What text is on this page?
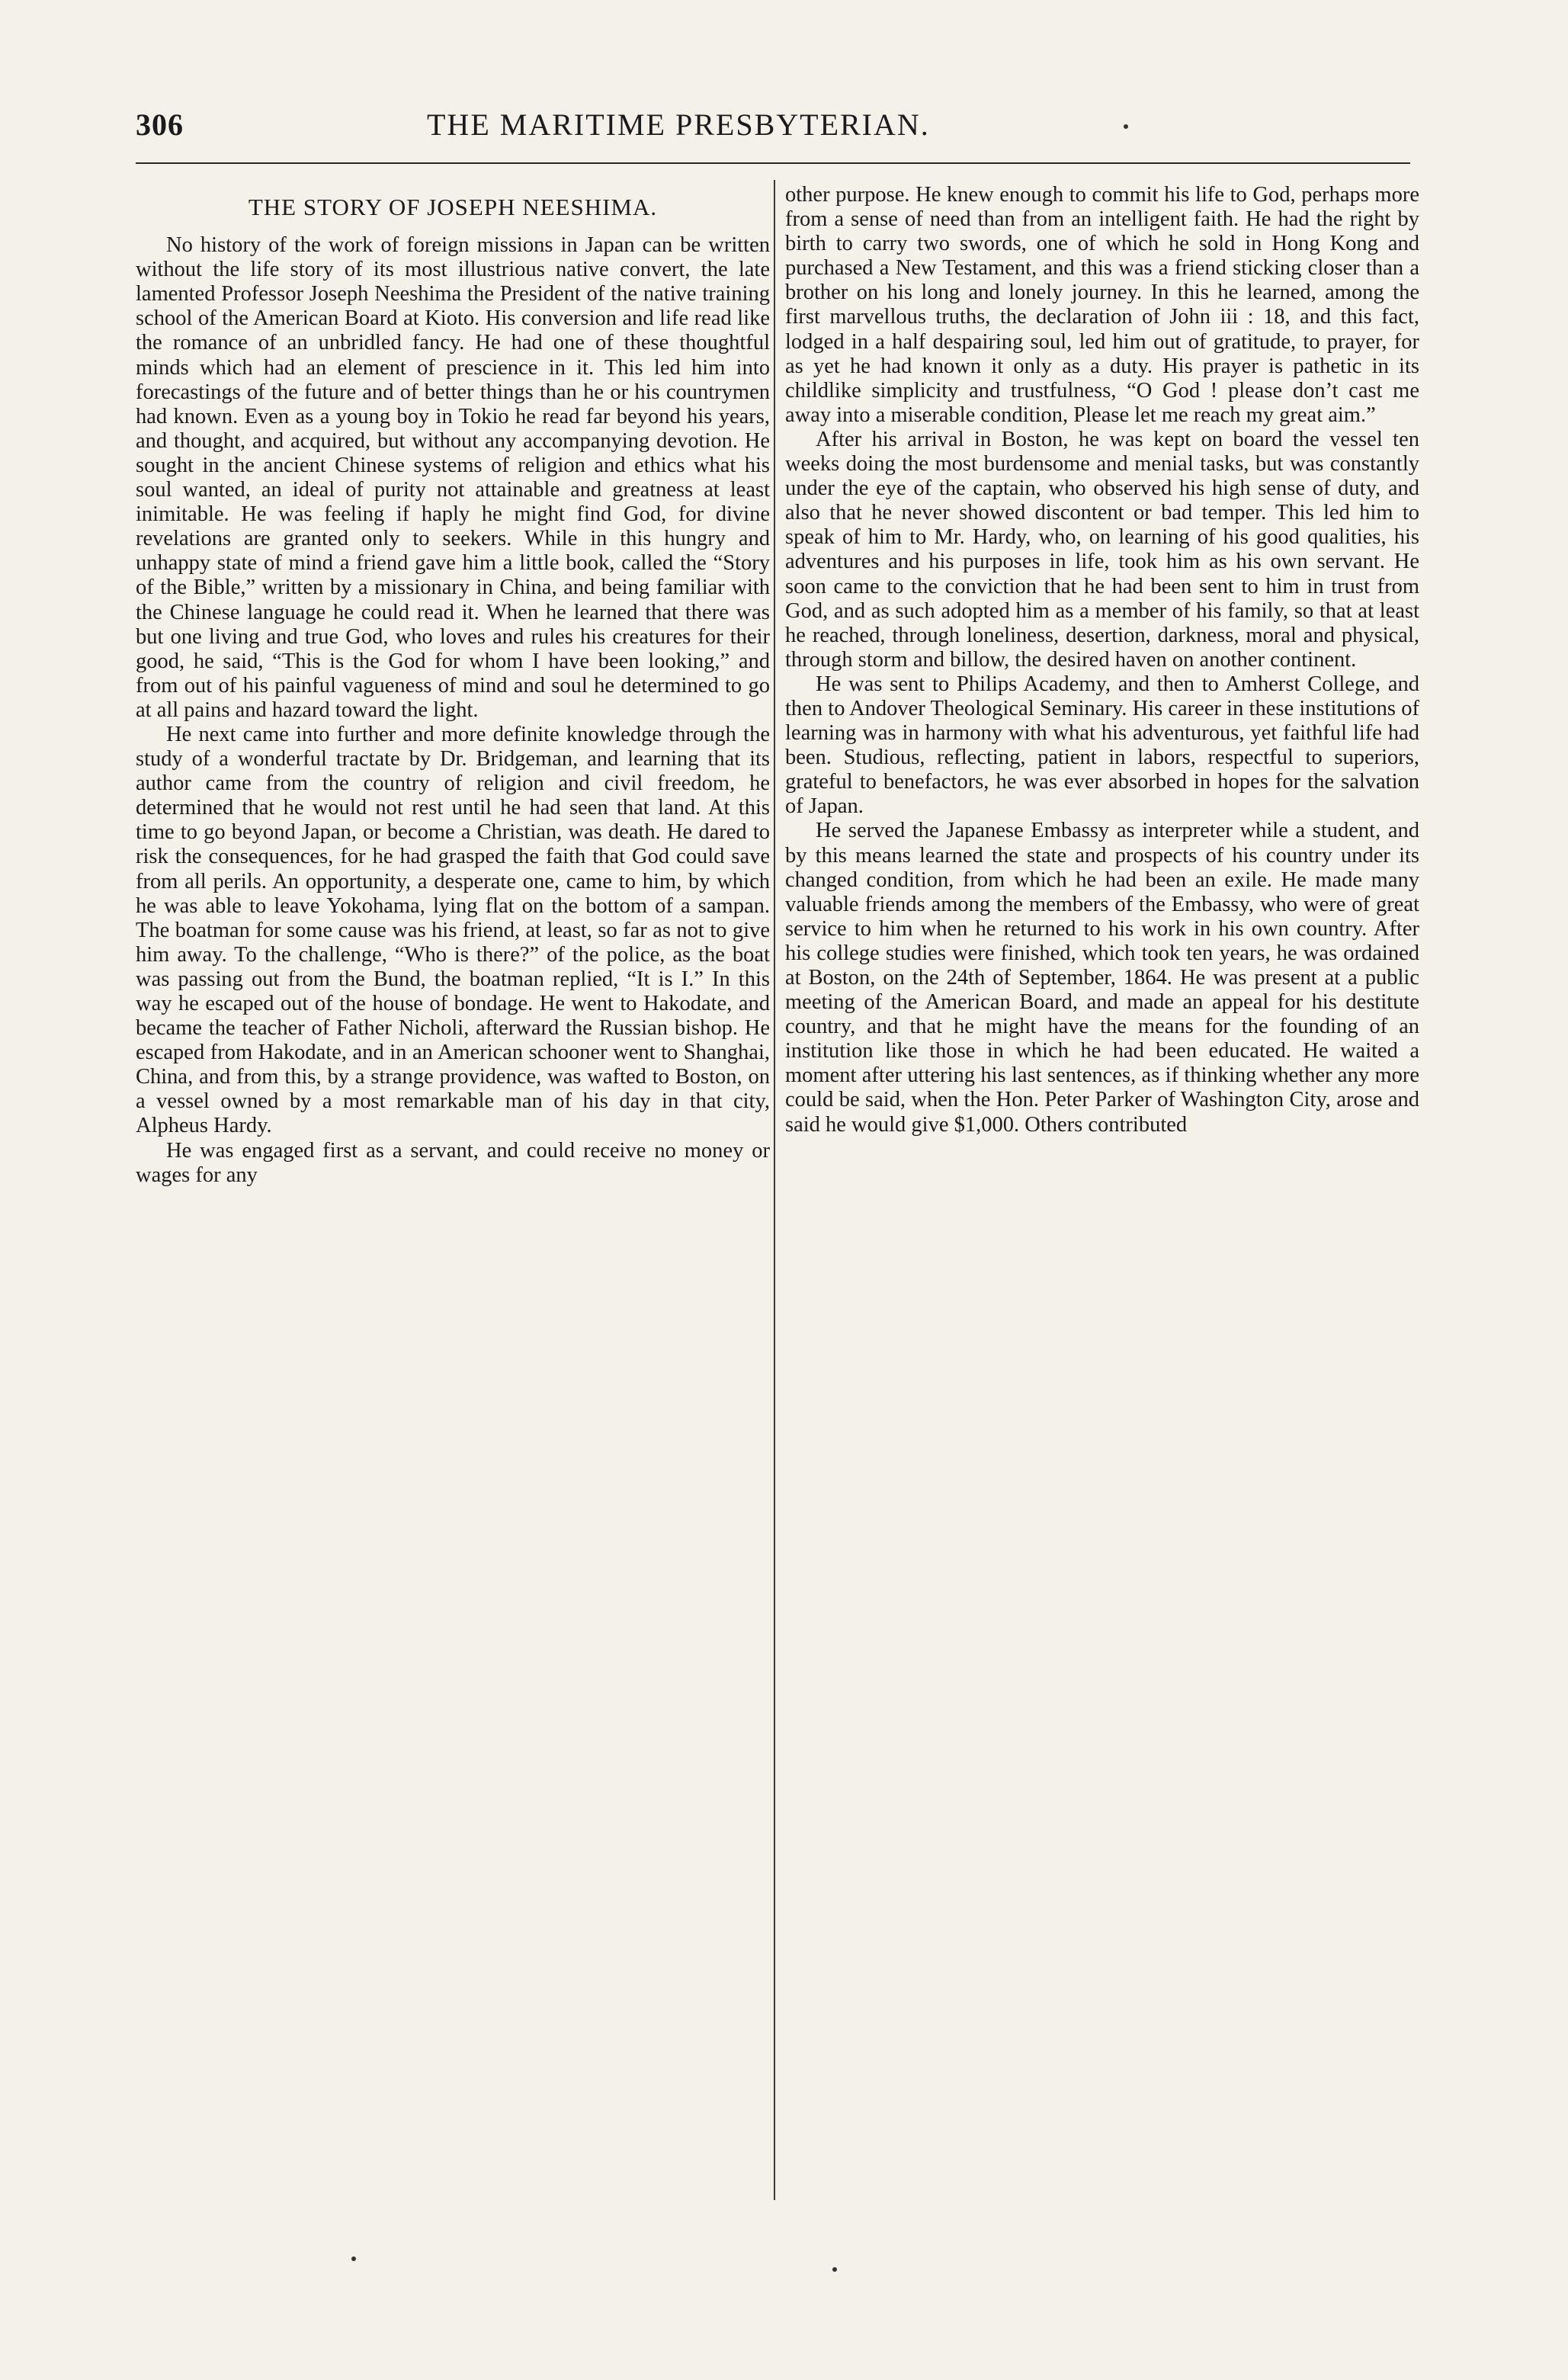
306	THE MARITIME PRESBYTERIAN.
THE STORY OF JOSEPH NEESHIMA.

No history of the work of foreign missions in Japan can be written without the life story of its most illustrious native convert, the late lamented Professor Joseph Neeshima the President of the native training school of the American Board at Kioto. His conversion and life read like the romance of an unbridled fancy. He had one of these thoughtful minds which had an element of prescience in it. This led him into forecastings of the future and of better things than he or his countrymen had known. Even as a young boy in Tokio he read far beyond his years, and thought, and acquired, but without any accompanying devotion. He sought in the ancient Chinese systems of religion and ethics what his soul wanted, an ideal of purity not attainable and greatness at least inimitable. He was feeling if haply he might find God, for divine revelations are granted only to seekers. While in this hungry and unhappy state of mind a friend gave him a little book, called the “Story of the Bible,” written by a missionary in China, and being familiar with the Chinese language he could read it. When he learned that there was but one living and true God, who loves and rules his creatures for their good, he said, “This is the God for whom I have been looking,” and from out of his painful vagueness of mind and soul he determined to go at all pains and hazard toward the light.

He next came into further and more definite knowledge through the study of a wonderful tractate by Dr. Bridgeman, and learning that its author came from the country of religion and civil freedom, he determined that he would not rest until he had seen that land. At this time to go beyond Japan, or become a Christian, was death. He dared to risk the consequences, for he had grasped the faith that God could save from all perils. An opportunity, a desperate one, came to him, by which he was able to leave Yokohama, lying flat on the bottom of a sampan. The boatman for some cause was his friend, at least, so far as not to give him away. To the challenge, “Who is there?” of the police, as the boat was passing out from the Bund, the boatman replied, “It is I.” In this way he escaped out of the house of bondage. He went to Hakodate, and became the teacher of Father Nicholi, afterward the Russian bishop. He escaped from Hakodate, and in an American schooner went to Shanghai, China, and from this, by a strange providence, was wafted to Boston, on a vessel owned by a most remarkable man of his day in that city, Alpheus Hardy.

He was engaged first as a servant, and could receive no money or wages for any

other purpose. He knew enough to commit his life to God, perhaps more from a sense of need than from an intelligent faith. He had the right by birth to carry two swords, one of which he sold in Hong Kong and purchased a New Testament, and this was a friend sticking closer than a brother on his long and lonely journey. In this he learned, among the first marvellous truths, the declaration of John iii : 18, and this fact, lodged in a half despairing soul, led him out of gratitude, to prayer, for as yet he had known it only as a duty. His prayer is pathetic in its childlike simplicity and trustfulness, “O God ! please don’t cast me away into a miserable condition, Please let me reach my great aim.”

After his arrival in Boston, he was kept on board the vessel ten weeks doing the most burdensome and menial tasks, but was constantly under the eye of the captain, who observed his high sense of duty, and also that he never showed discontent or bad temper. This led him to speak of him to Mr. Hardy, who, on learning of his good qualities, his adventures and his purposes in life, took him as his own servant. He soon came to the conviction that he had been sent to him in trust from God, and as such adopted him as a member of his family, so that at least he reached, through loneliness, desertion, darkness, moral and physical, through storm and billow, the desired haven on another continent.

He was sent to Philips Academy, and then to Amherst College, and then to Andover Theological Seminary. His career in these institutions of learning was in harmony with what his adventurous, yet faithful life had been. Studious, reflecting, patient in labors, respectful to superiors, grateful to benefactors, he was ever absorbed in hopes for the salvation of Japan.

He served the Japanese Embassy as interpreter while a student, and by this means learned the state and prospects of his country under its changed condition, from which he had been an exile. He made many valuable friends among the members of the Embassy, who were of great service to him when he returned to his work in his own country. After his college studies were finished, which took ten years, he was ordained at Boston, on the 24th of September, 1864. He was present at a public meeting of the American Board, and made an appeal for his destitute country, and that he might have the means for the founding of an institution like those in which he had been educated. He waited a moment after uttering his last sentences, as if thinking whether any more could be said, when the Hon. Peter Parker of Washington City, arose and said he would give $1,000. Others contributed
